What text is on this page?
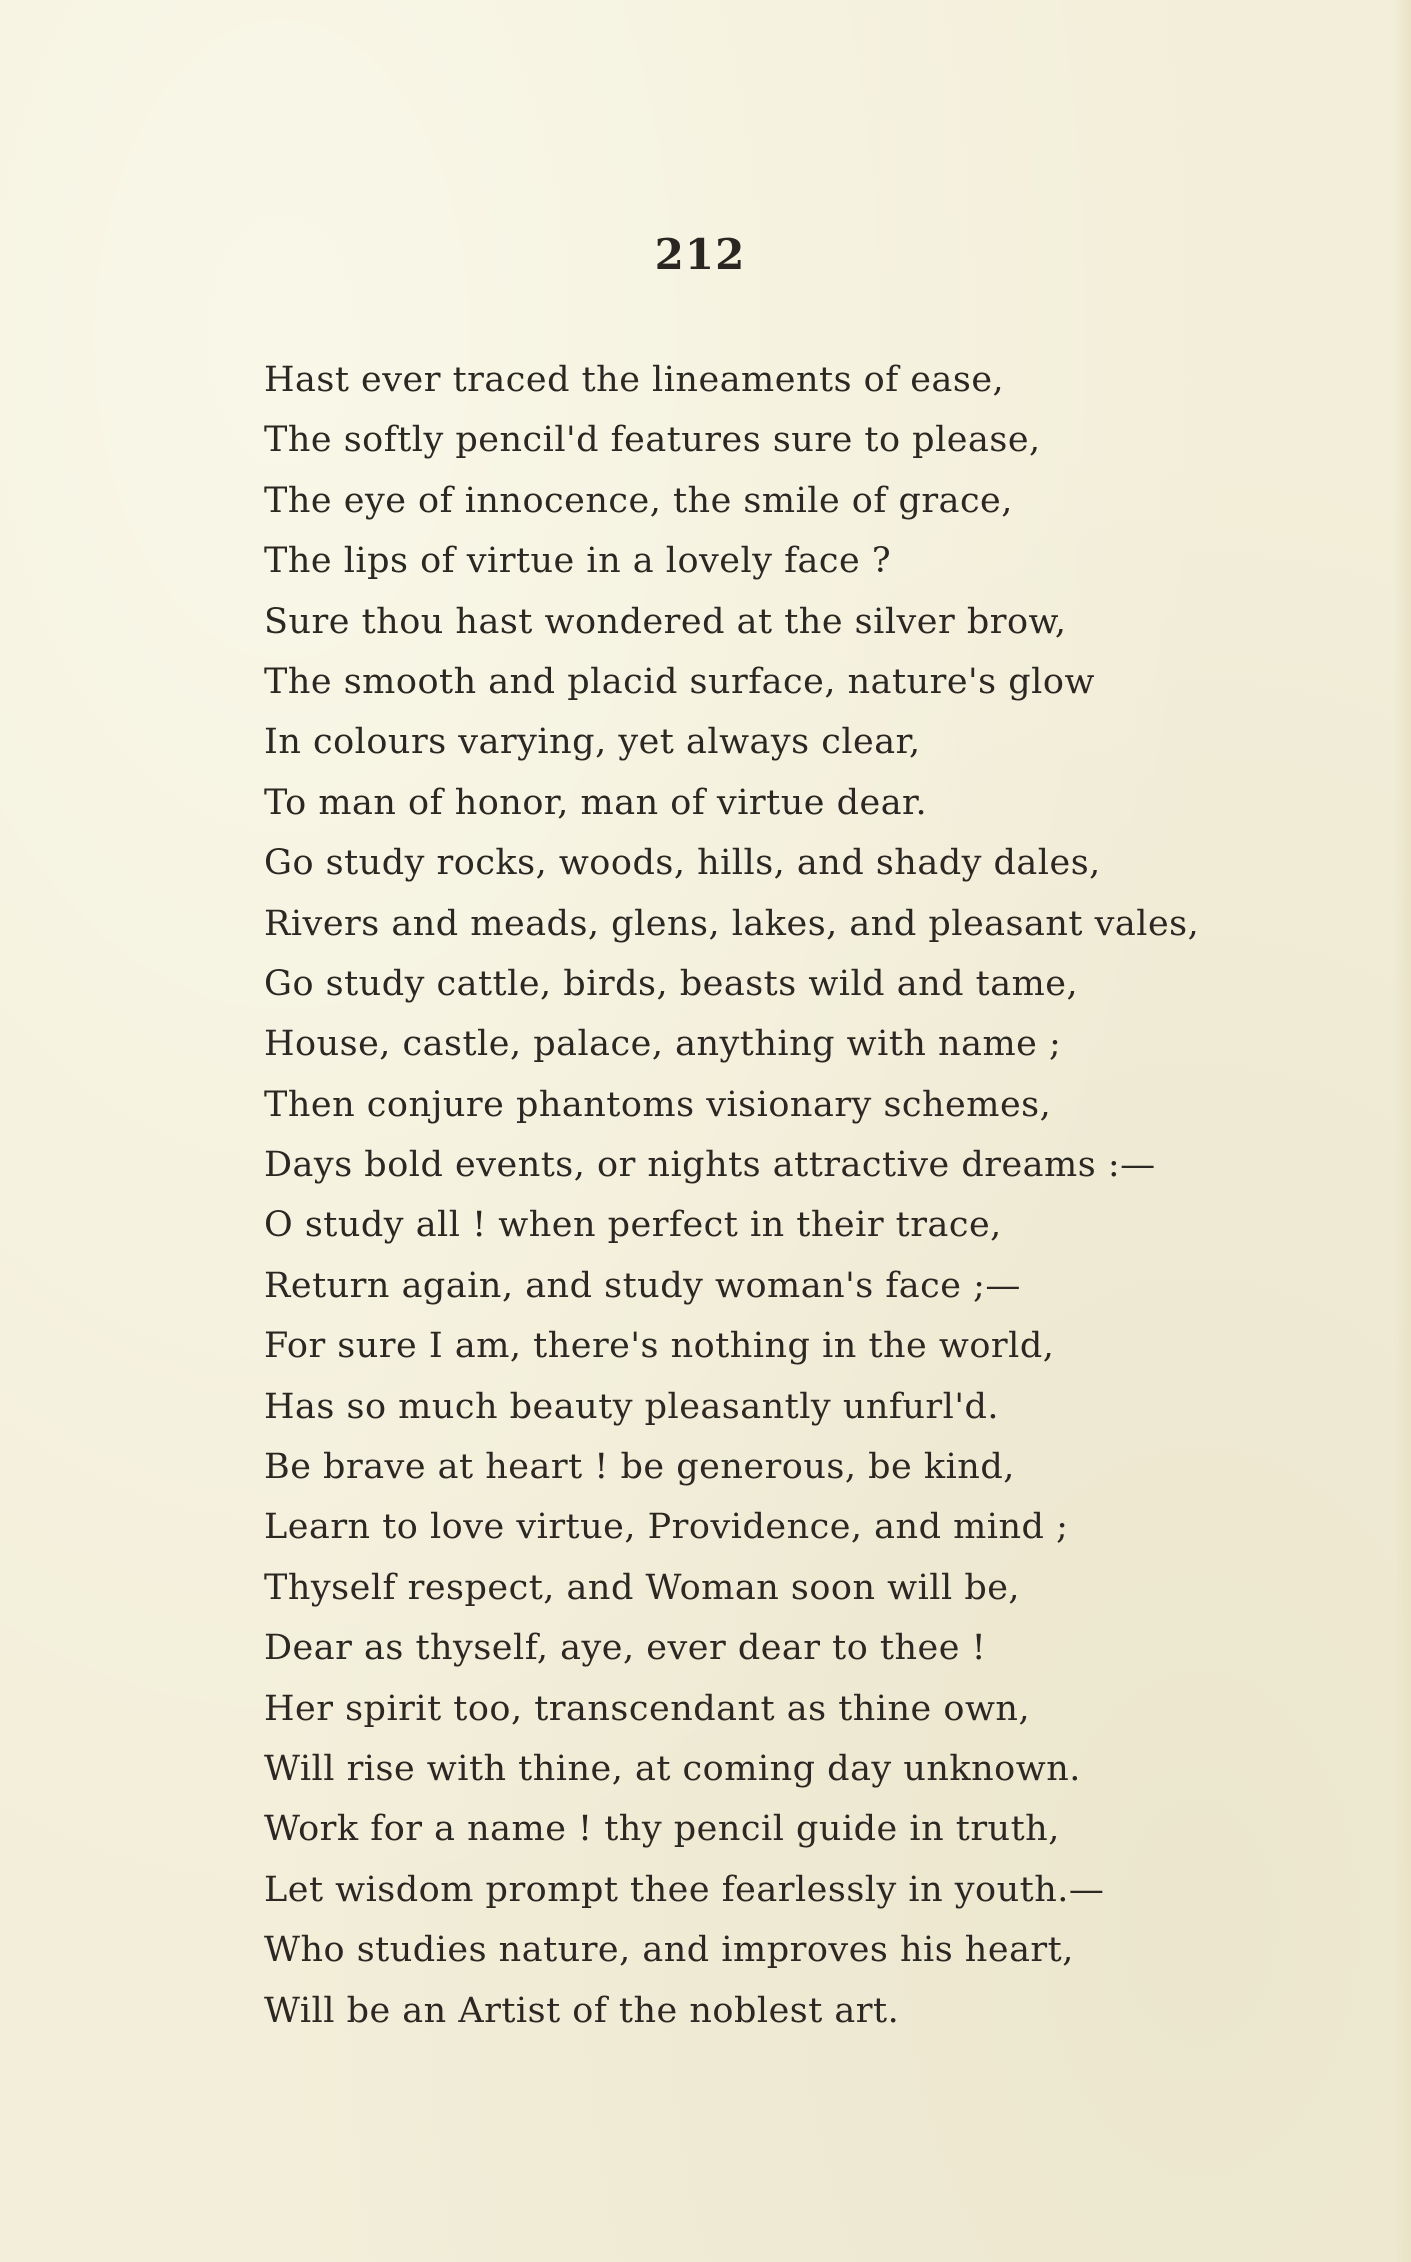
212
Hast ever traced the lineaments of ease,
The softly pencil'd features sure to please,
The eye of innocence, the smile of grace,
The lips of virtue in a lovely face ?
Sure thou hast wondered at the silver brow,
The smooth and placid surface, nature's glow
In colours varying, yet always clear,
To man of honor, man of virtue dear.
Go study rocks, woods, hills, and shady dales,
Rivers and meads, glens, lakes, and pleasant vales,
Go study cattle, birds, beasts wild and tame,
House, castle, palace, anything with name ;
Then conjure phantoms visionary schemes,
Days bold events, or nights attractive dreams :—
O study all ! when perfect in their trace,
Return again, and study woman's face ;—
For sure I am, there's nothing in the world,
Has so much beauty pleasantly unfurl'd.
Be brave at heart ! be generous, be kind,
Learn to love virtue, Providence, and mind ;
Thyself respect, and Woman soon will be,
Dear as thyself, aye, ever dear to thee !
Her spirit too, transcendant as thine own,
Will rise with thine, at coming day unknown.
Work for a name ! thy pencil guide in truth,
Let wisdom prompt thee fearlessly in youth.—
Who studies nature, and improves his heart,
Will be an Artist of the noblest art.
